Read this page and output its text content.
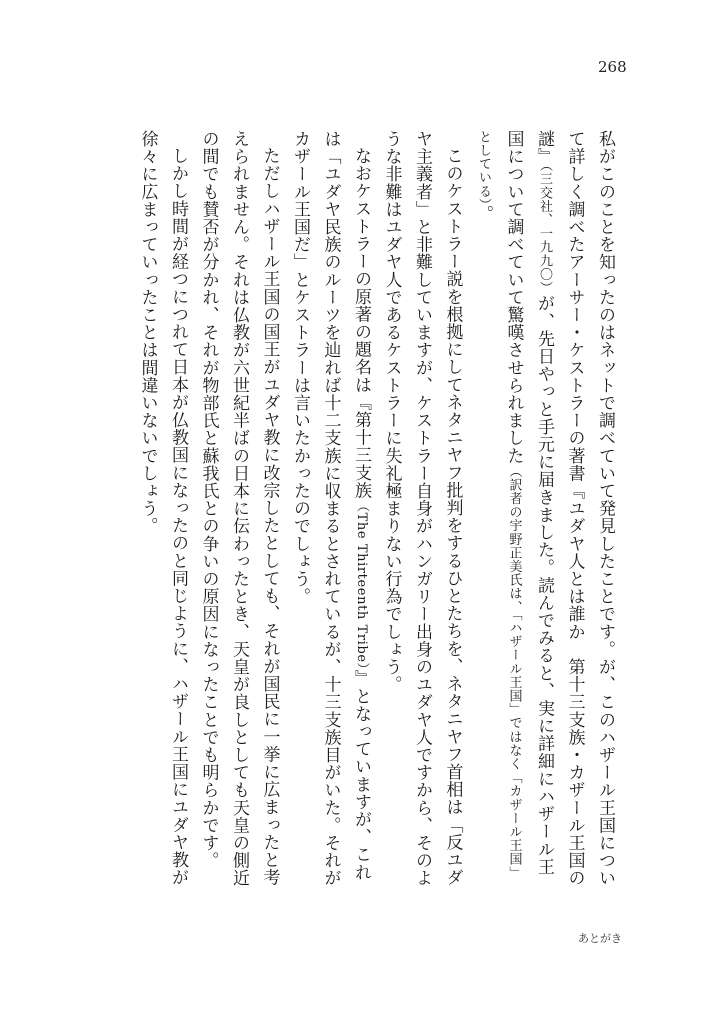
268

私がこのことを知ったのはネットで調べていて発見したことです。が、このハザール王国について詳しく調べたアーサー・ケストラーの著書『ユダヤ人とは誰か　第十三支族・カザール王国の謎』（三交社、一九九〇）が、先日やっと手元に届きました。読んでみると、実に詳細にハザール王国について調べていて驚嘆させられました（訳者の宇野正美氏は、「ハザール王国」ではなく「カザール王国」としている）。

このケストラー説を根拠にしてネタニヤフ批判をするひとたちを、ネタニヤフ首相は「反ユダヤ主義者」と非難していますが、ケストラー自身がハンガリー出身のユダヤ人ですから、そのような非難はユダヤ人であるケストラーに失礼極まりない行為でしょう。

なおケストラーの原著の題名は『第十三支族（The Thirteenth Tribe）』となっていますが、これは「ユダヤ民族のルーツを辿れば十二支族に収まるとされているが、十三支族目がいた。それがカザール王国だ」とケストラーは言いたかったのでしょう。

ただしハザール王国の国王がユダヤ教に改宗したとしても、それが国民に一挙に広まったと考えられません。それは仏教が六世紀半ばの日本に伝わったとき、天皇が良しとしても天皇の側近の間でも賛否が分かれ、それが物部氏と蘇我氏との争いの原因になったことでも明らかです。

しかし時間が経つにつれて日本が仏教国になったのと同じように、ハザール王国にユダヤ教が徐々に広まっていったことは間違いないでしょう。

あとがき
